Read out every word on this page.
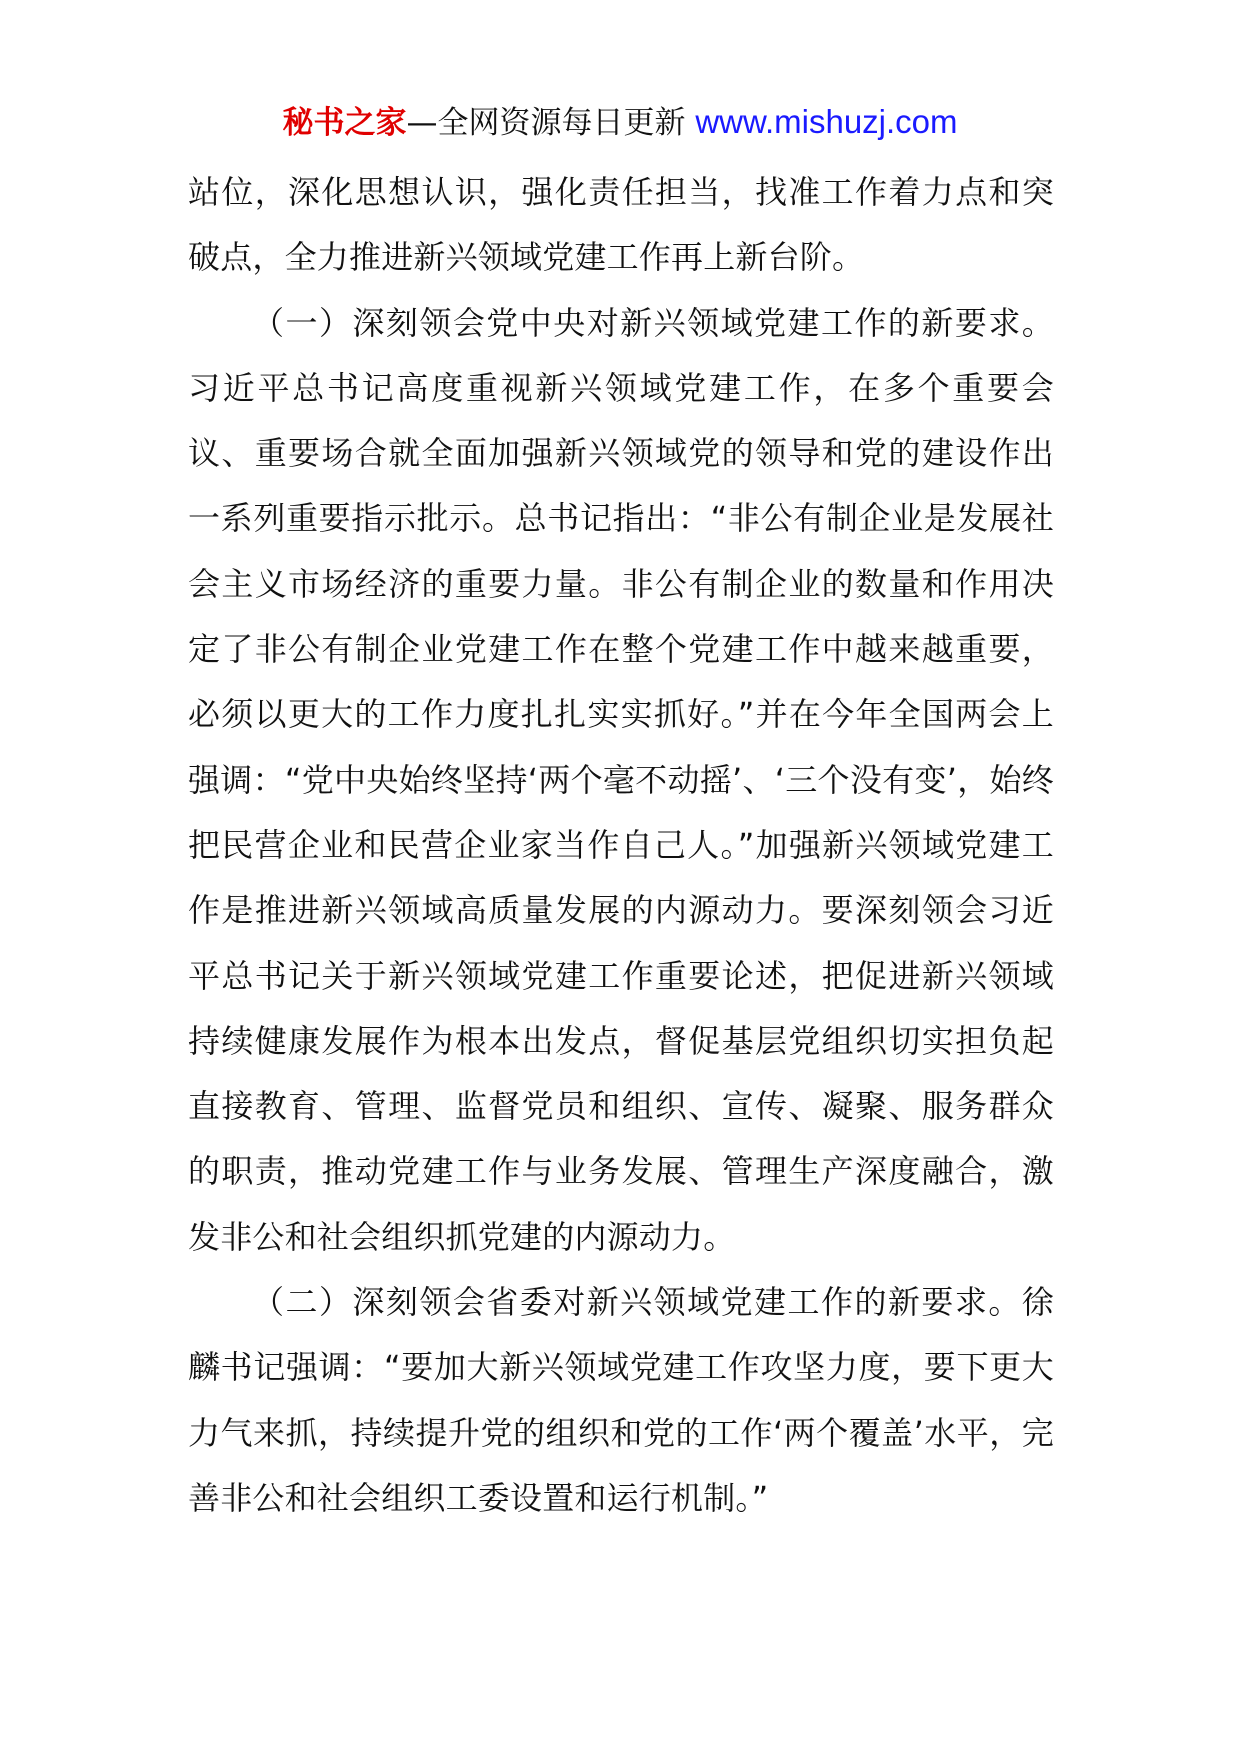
秘书之家—全网资源每日更新 www.mishuzj.com

站位，深化思想认识，强化责任担当，找准工作着力点和突破点，全力推进新兴领域党建工作再上新台阶。

（一）深刻领会党中央对新兴领域党建工作的新要求。习近平总书记高度重视新兴领域党建工作，在多个重要会议、重要场合就全面加强新兴领域党的领导和党的建设作出一系列重要指示批示。总书记指出：“非公有制企业是发展社会主义市场经济的重要力量。非公有制企业的数量和作用决定了非公有制企业党建工作在整个党建工作中越来越重要，必须以更大的工作力度扎扎实实抓好。”并在今年全国两会上强调：“党中央始终坚持‘两个毫不动摇’、‘三个没有变’，始终把民营企业和民营企业家当作自己人。”加强新兴领域党建工作是推进新兴领域高质量发展的内源动力。要深刻领会习近平总书记关于新兴领域党建工作重要论述，把促进新兴领域持续健康发展作为根本出发点，督促基层党组织切实担负起直接教育、管理、监督党员和组织、宣传、凝聚、服务群众的职责，推动党建工作与业务发展、管理生产深度融合，激发非公和社会组织抓党建的内源动力。

（二）深刻领会省委对新兴领域党建工作的新要求。徐麟书记强调：“要加大新兴领域党建工作攻坚力度，要下更大力气来抓，持续提升党的组织和党的工作‘两个覆盖’水平，完善非公和社会组织工委设置和运行机制。”
